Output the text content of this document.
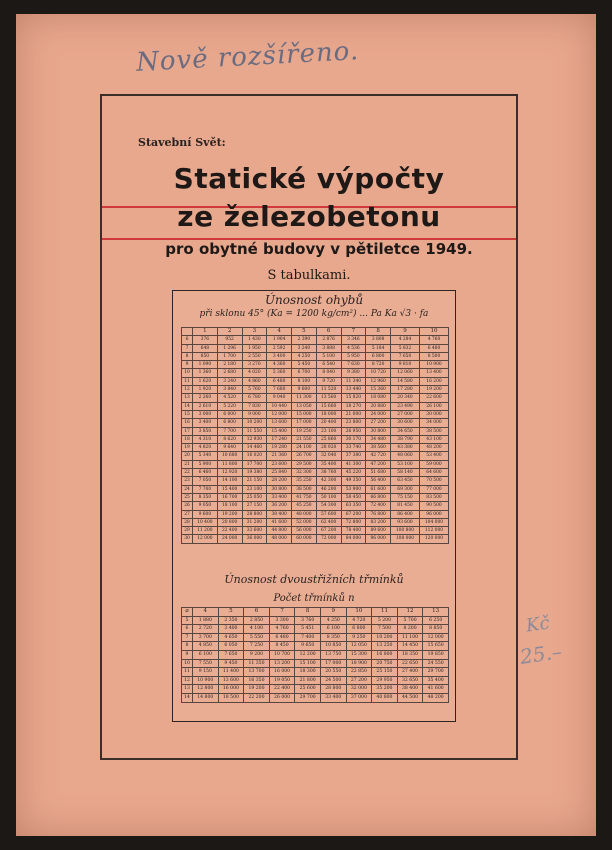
Nově rozšířeno.

Stavební Svět:

Statické výpočty
ze železobetonu

pro obytné budovy v pětiletce 1949.

S tabulkami.

Únosnost ohybů

při sklonu 45° (Ka = 1200 kg/cm²) ... Pa Ka √3 · fa

	1	2	3	4	5	6	7	8	9	10
6	376	952	1 430	1 904	2 390	2 876	3 346	3 808	4 284	4 760
7	648	1 296	1 950	2 592	3 240	3 888	4 536	5 184	5 832	6 480
8	850	1 700	2 550	3 400	4 250	5 100	5 950	6 800	7 650	8 500
9	1 090	2 180	3 270	4 360	5 450	6 540	7 630	8 720	9 810	10 900
10	1 360	2 680	4 020	5 360	6 700	8 040	9 380	10 720	12 060	13 400
11	1 620	3 240	4 860	6 480	8 100	9 720	11 340	12 960	14 580	16 200
12	1 920	3 840	5 760	7 680	9 600	11 520	13 440	15 360	17 280	19 200
13	2 260	4 520	6 780	9 040	11 300	13 560	15 820	18 080	20 340	22 600
14	2 610	5 220	7 830	10 440	13 050	15 660	18 270	20 880	23 490	26 100
15	3 000	6 000	9 000	12 000	15 000	18 000	21 000	24 000	27 000	30 000
16	3 400	6 800	10 200	13 600	17 000	20 400	23 800	27 200	30 600	34 000
17	3 850	7 700	11 550	15 400	19 250	23 100	26 950	30 800	34 650	38 500
18	4 310	8 620	12 930	17 240	21 550	25 860	30 170	34 480	38 790	43 100
19	4 820	9 640	14 460	19 280	24 100	28 920	33 740	38 560	43 380	48 200
20	5 340	10 680	16 020	21 360	26 700	32 040	37 380	42 720	48 060	53 400
21	5 900	11 800	17 700	23 600	29 500	35 400	41 300	47 200	53 100	59 000
22	6 460	12 920	19 380	25 840	32 300	38 760	45 220	51 680	58 140	64 600
23	7 050	14 100	21 150	28 200	35 250	42 300	49 350	56 400	63 450	70 500
24	7 700	15 400	23 100	30 800	38 500	46 200	53 900	61 600	69 300	77 000
25	8 350	16 700	25 050	33 400	41 750	50 100	58 450	66 800	75 150	83 500
26	9 050	18 100	27 150	36 200	45 250	54 300	63 350	72 400	81 450	90 500
27	9 600	19 200	28 800	38 400	48 000	57 600	67 200	76 800	86 400	96 000
28	10 400	20 800	31 200	41 600	52 000	62 400	72 800	83 200	93 600	104 000
29	11 200	22 400	33 600	44 800	56 000	67 200	78 400	89 600	100 800	112 000
30	12 000	24 000	36 000	48 000	60 000	72 000	84 000	96 000	108 000	120 000

Únosnost dvoustřižních třmínků

Počet třmínků n

⌀	4	5	6	7	8	9	10	11	12	13
5	1 880	2 350	2 850	3 300	3 760	4 250	4 720	5 200	5 700	6 250
6	2 720	3 400	4 100	4 760	5 451	6 100	6 800	7 500	8 200	8 850
7	3 700	4 650	5 550	6 480	7 400	8 350	9 250	10 200	11 100	12 000
8	4 850	6 050	7 250	8 450	9 650	10 850	12 050	13 250	14 450	15 650
9	6 100	7 650	9 200	10 700	12 200	13 750	15 300	16 800	18 350	19 850
10	7 550	9 450	11 350	13 200	15 100	17 000	18 900	20 750	22 650	24 550
11	9 150	11 400	13 700	16 000	18 300	20 550	22 850	25 150	27 400	29 700
12	10 900	13 600	16 350	19 050	21 800	24 500	27 200	29 950	32 650	35 400
13	12 800	16 000	19 200	22 400	25 600	28 800	32 000	35 200	38 400	41 600
14	14 800	18 500	22 200	26 000	29 700	33 400	37 000	40 800	44 500	48 200

Kč

25.–
